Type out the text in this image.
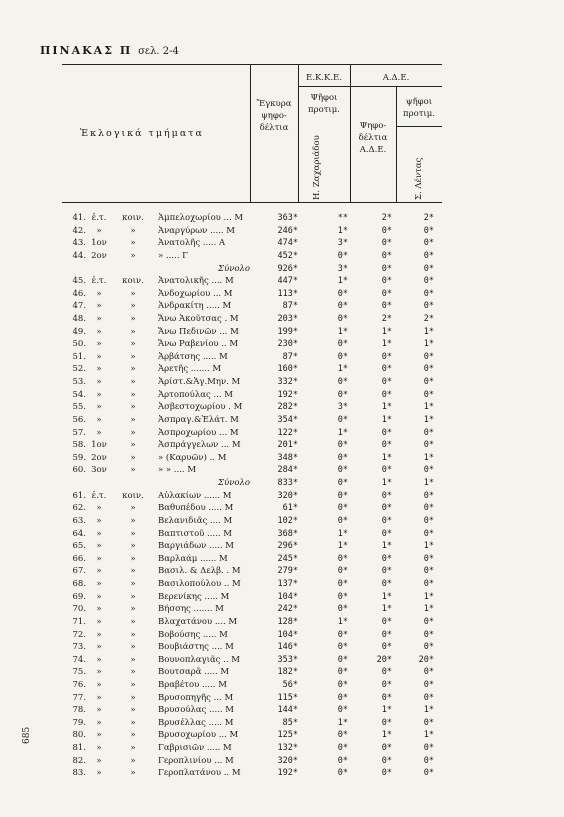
ΠΙΝΑΚΑΣ Π σελ. 2-4
Ἐκλογικά τμήματα
Ἔγκυρα ψηφο- δέλτια
Ε.Κ.Κ.Ε.
Ψῆφοι προτιμ.
Η. Ζαχαριάδου
Α.Δ.Ε.
Ψηφο- δέλτια Α.Δ.Ε.
ψῆφοι προτιμ.
Σ. Λέντας
41. ἐ.τ.	κοιν.	Ἀμπελοχωρίου ... Μ	363*	**	2*	2*
42.	»	»	Ἀναργύρων ..... Μ	246*	1*	0*	0*
43. 1ον	»	Ἀνατολῆς ..... Α	474*	3*	0*	0*
44. 2ον	»	» ..... Γ	452*	0*	0*	0*
Σύνολο	926*	3*	0*	0*
45. ἐ.τ.	κοιν.	Ἀνατολικῆς .... Μ	447*	1*	0*	0*
46.	»	»	Ἀνδοχωρίου ... Μ	113*	0*	0*	0*
47.	»	»	Ἀνδρακίτη ..... Μ	87*	0*	0*	0*
48.	»	»	Ἄνω Ἀκοῦτσας . Μ	203*	0*	2*	2*
49.	»	»	Ἄνω Πεδινῶν ... Μ	199*	1*	1*	1*
50.	»	»	Ἄνω Ραβενίου .. Μ	230*	0*	1*	1*
51.	»	»	Ἀρβάτσης ..... Μ	87*	0*	0*	0*
52.	»	»	Ἀρετῆς ....... Μ	160*	1*	0*	0*
53.	»	»	Ἀρίστ.&Ἁγ.Μην. Μ	332*	0*	0*	0*
54.	»	»	Ἀρτοπούλας ... Μ	192*	0*	0*	0*
55.	»	»	Ἀσβεστοχωρίου . Μ	282*	3*	1*	1*
56.	»	»	Ἀσπραγ.&Ἐλάτ. Μ	354*	0*	1*	1*
57.	»	»	Ἀσπροχωρίου ... Μ	122*	1*	0*	0*
58. 1ον	»	Ἀσπράγγελων ... Μ	201*	0*	0*	0*
59. 2ον	»	» (Καρυῶν) .. Μ	348*	0*	1*	1*
60. 3ον	»	» » .... Μ	284*	0*	0*	0*
Σύνολο	833*	0*	1*	1*
61. ἐ.τ.	κοιν.	Αὐλακίων ...... Μ	320*	0*	0*	0*
62.	»	»	Βαθυπέδου ..... Μ	61*	0*	0*	0*
63.	»	»	Βελανιδιᾶς .... Μ	102*	0*	0*	0*
64.	»	»	Βαπτιστοῦ ..... Μ	368*	1*	0*	0*
65.	»	»	Βαργιάδων ..... Μ	296*	1*	1*	1*
66.	»	»	Βαρλαάμ ...... Μ	245*	0*	0*	0*
67.	»	»	Βασιλ. & Δελβ. . Μ	279*	0*	0*	0*
68.	»	»	Βασιλοπούλου .. Μ	137*	0*	0*	0*
69.	»	»	Βερενίκης ..... Μ	104*	0*	1*	1*
70.	»	»	Βήσσης ....... Μ	242*	0*	1*	1*
71.	»	»	Βλαχατάνου .... Μ	128*	1*	0*	0*
72.	»	»	Βοβούσης ..... Μ	104*	0*	0*	0*
73.	»	»	Βουβιάστης .... Μ	146*	0*	0*	0*
74.	»	»	Βουνοπλαγιᾶς .. Μ	353*	0*	20*	20*
75.	»	»	Βουτσαρᾶ ..... Μ	182*	0*	0*	0*
76.	»	»	Βραβέτου ..... Μ	56*	0*	0*	0*
77.	»	»	Βρυσοπηγῆς ... Μ	115*	0*	0*	0*
78.	»	»	Βρυσούλας ..... Μ	144*	0*	1*	1*
79.	»	»	Βρυσέλλας ..... Μ	85*	1*	0*	0*
80.	»	»	Βρυσοχωρίου ... Μ	125*	0*	1*	1*
81.	»	»	Γαβρισιῶν ..... Μ	132*	0*	0*	0*
82.	»	»	Γεροπλινίου ... Μ	320*	0*	0*	0*
83.	»	»	Γεροπλατάνου .. Μ	192*	0*	0*	0*
685
